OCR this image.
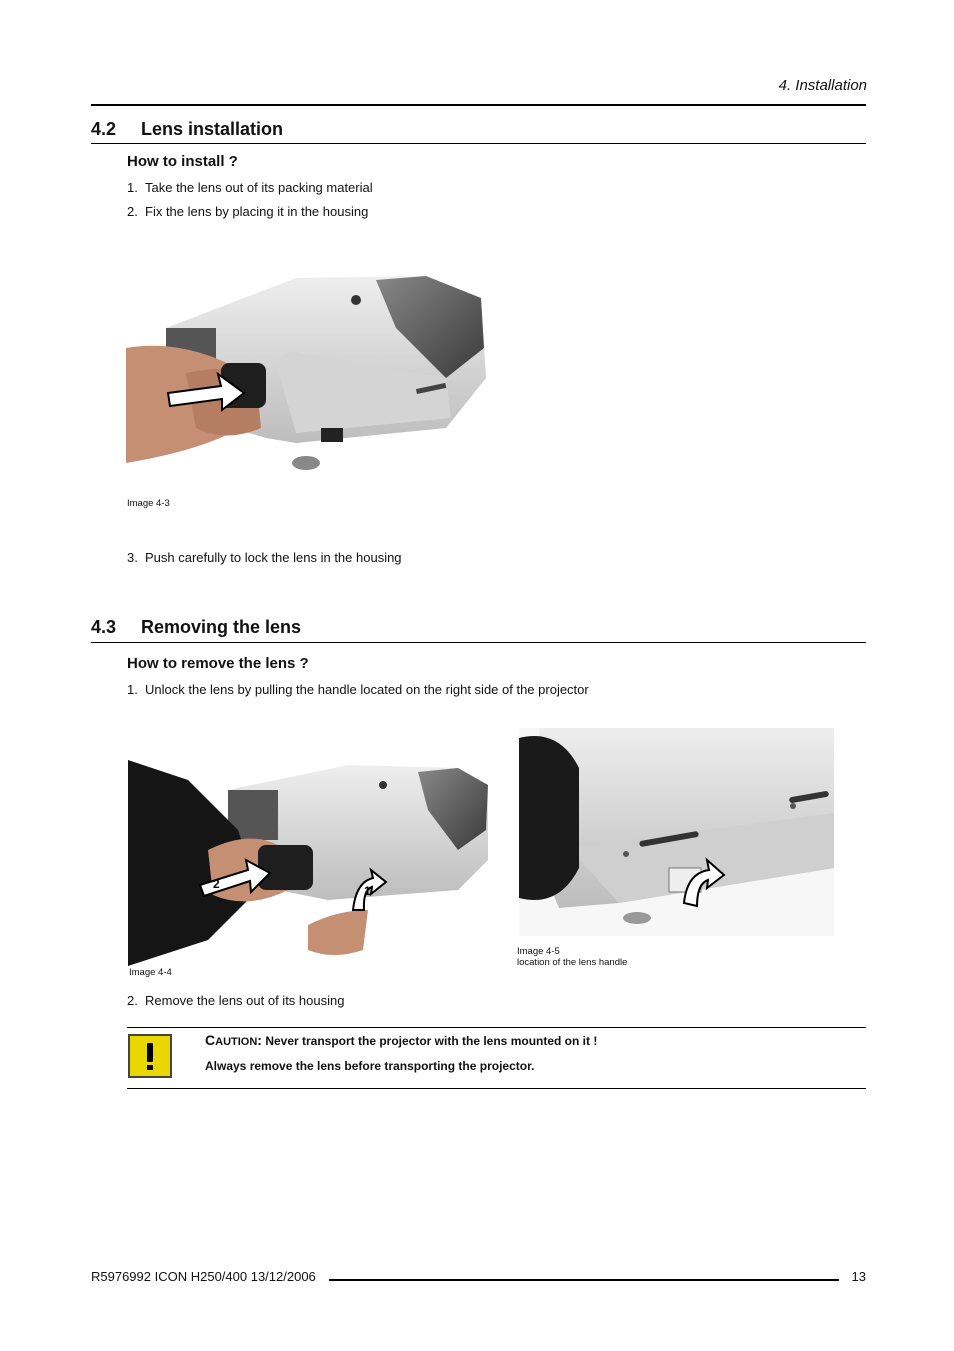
4. Installation
4.2 Lens installation
How to install ?
1. Take the lens out of its packing material
2. Fix the lens by placing it in the housing
Image 4-3
3. Push carefully to lock the lens in the housing
4.3 Removing the lens
How to remove the lens ?
1. Unlock the lens by pulling the handle located on the right side of the projector
2	1
Image 4-4
Image 4-5
location of the lens handle
2. Remove the lens out of its housing
CAUTION: Never transport the projector with the lens mounted on it !
Always remove the lens before transporting the projector.
R5976992 ICON H250/400 13/12/2006	13
